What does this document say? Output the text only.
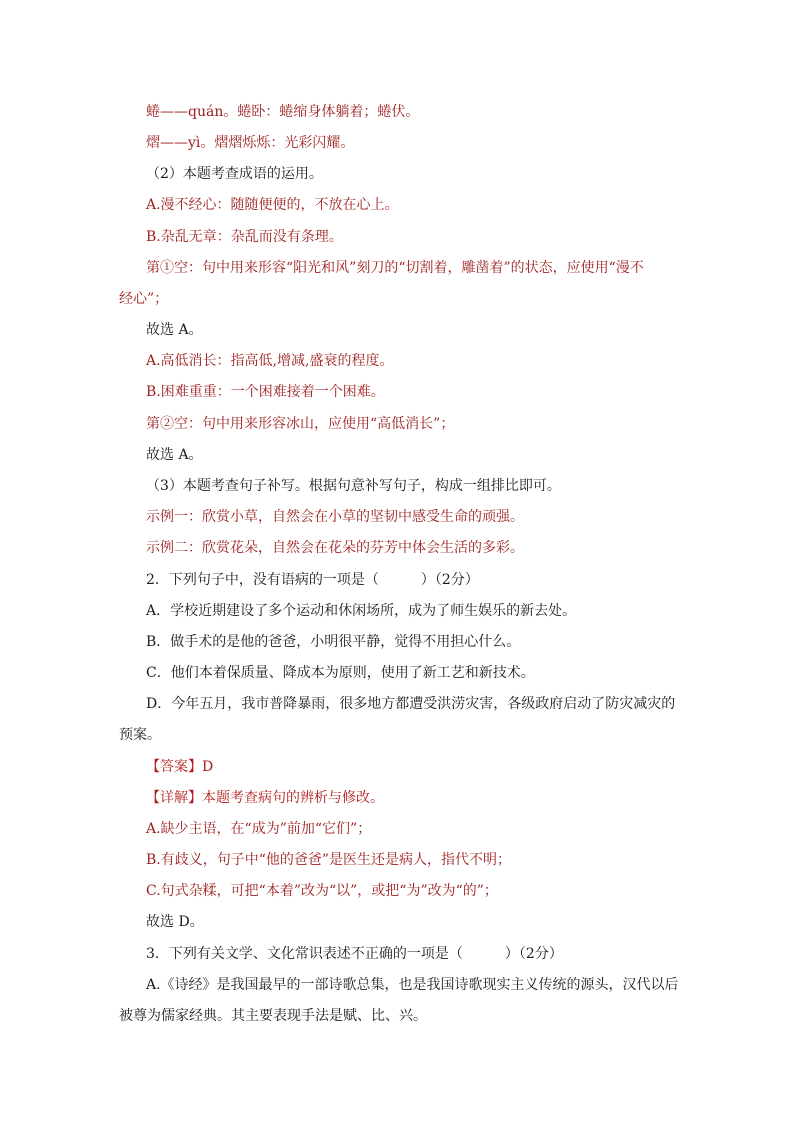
蜷——quán。蜷卧：蜷缩身体躺着；蜷伏。
熠——yì。熠熠烁烁：光彩闪耀。
（2）本题考查成语的运用。
A.漫不经心：随随便便的，不放在心上。
B.杂乱无章：杂乱而没有条理。
第①空：句中用来形容“阳光和风”刻刀的“切割着，雕凿着”的状态，应使用“漫不
经心”；
故选 A。
A.高低消长：指高低,增减,盛衰的程度。
B.困难重重：一个困难接着一个困难。
第②空：句中用来形容冰山，应使用“高低消长”；
故选 A。
（3）本题考查句子补写。根据句意补写句子，构成一组排比即可。
示例一：欣赏小草，自然会在小草的坚韧中感受生命的顽强。
示例二：欣赏花朵，自然会在花朵的芬芳中体会生活的多彩。
2．下列句子中，没有语病的一项是（　　　）（2分）
A．学校近期建设了多个运动和休闲场所，成为了师生娱乐的新去处。
B．做手术的是他的爸爸，小明很平静，觉得不用担心什么。
C．他们本着保质量、降成本为原则，使用了新工艺和新技术。
D．今年五月，我市普降暴雨，很多地方都遭受洪涝灾害，各级政府启动了防灾减灾的
预案。
【答案】D
【详解】本题考查病句的辨析与修改。
A.缺少主语，在“成为”前加“它们”；
B.有歧义，句子中“他的爸爸”是医生还是病人，指代不明；
C.句式杂糅，可把“本着”改为“以”，或把“为”改为“的”；
故选 D。
3．下列有关文学、文化常识表述不正确的一项是（　　　）（2分）
A.《诗经》是我国最早的一部诗歌总集，也是我国诗歌现实主义传统的源头，汉代以后
被尊为儒家经典。其主要表现手法是赋、比、兴。
